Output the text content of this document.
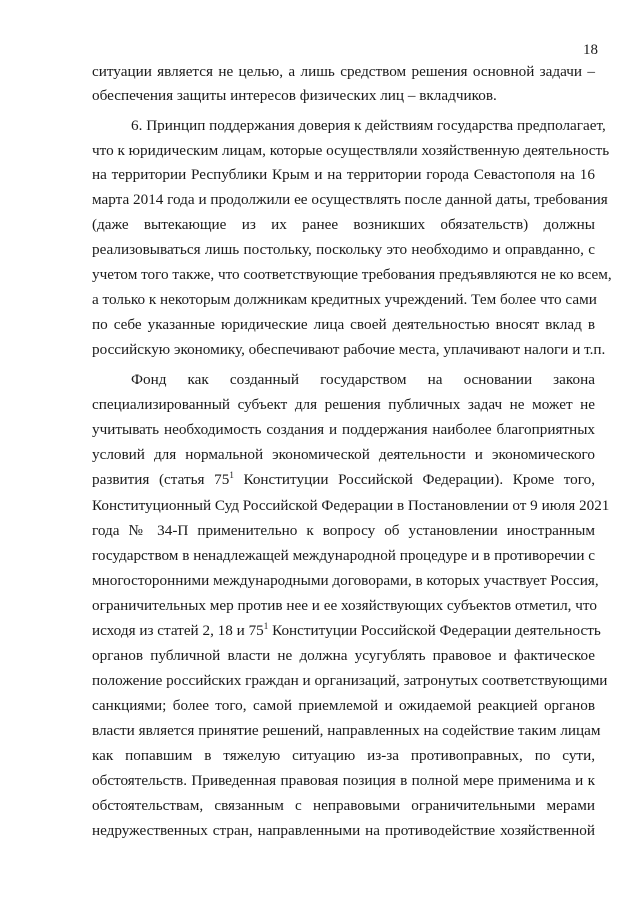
18
ситуации является не целью, а лишь средством решения основной задачи –
обеспечения защиты интересов физических лиц – вкладчиков.
6. Принцип поддержания доверия к действиям государства предполагает,
что к юридическим лицам, которые осуществляли хозяйственную деятельность
на территории Республики Крым и на территории города Севастополя на 16
марта 2014 года и продолжили ее осуществлять после данной даты, требования
(даже вытекающие из их ранее возникших обязательств) должны
реализовываться лишь постольку, поскольку это необходимо и оправданно, с
учетом того также, что соответствующие требования предъявляются не ко всем,
а только к некоторым должникам кредитных учреждений. Тем более что сами
по себе указанные юридические лица своей деятельностью вносят вклад в
российскую экономику, обеспечивают рабочие места, уплачивают налоги и т.п.
Фонд как созданный государством на основании закона
специализированный субъект для решения публичных задач не может не
учитывать необходимость создания и поддержания наиболее благоприятных
условий для нормальной экономической деятельности и экономического
развития (статья $75^1$ Конституции Российской Федерации). Кроме того,
Конституционный Суд Российской Федерации в Постановлении от 9 июля 2021
года № 34-П применительно к вопросу об установлении иностранным
государством в ненадлежащей международной процедуре и в противоречии с
многосторонними международными договорами, в которых участвует Россия,
ограничительных мер против нее и ее хозяйствующих субъектов отметил, что
исходя из статей 2, 18 и $75^1$ Конституции Российской Федерации деятельность
органов публичной власти не должна усугублять правовое и фактическое
положение российских граждан и организаций, затронутых соответствующими
санкциями; более того, самой приемлемой и ожидаемой реакцией органов
власти является принятие решений, направленных на содействие таким лицам
как попавшим в тяжелую ситуацию из-за противоправных, по сути,
обстоятельств. Приведенная правовая позиция в полной мере применима и к
обстоятельствам, связанным с неправовыми ограничительными мерами
недружественных стран, направленными на противодействие хозяйственной
